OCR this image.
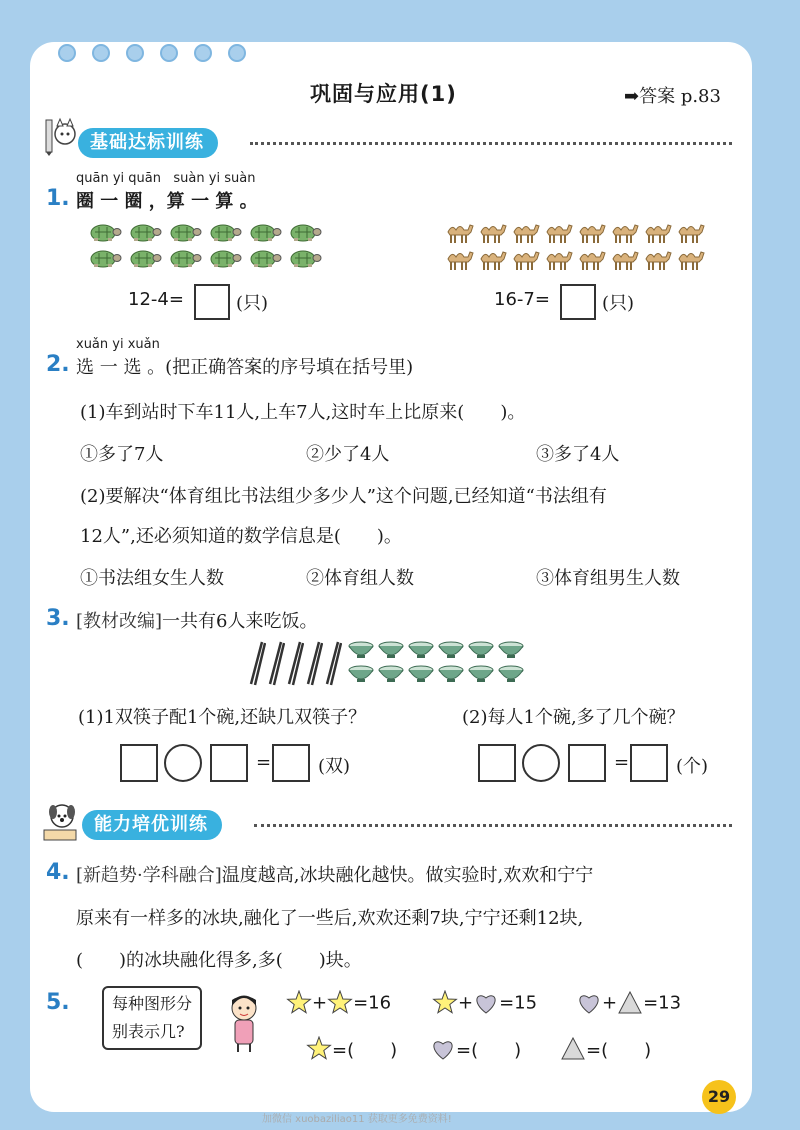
巩固与应用(1)	➡答案 p.83
基础达标训练
quān yi quān suàn yi suàn
1. 圈 一 圈 ，算 一 算 。
12-4=	(只)	16-7=	(只)
xuǎn yi xuǎn
2. 选 一 选 。(把正确答案的序号填在括号里)
(1)车到站时下车11人,上车7人,这时车上比原来(　　)。
①多了7人	②少了4人	③多了4人
(2)要解决“体育组比书法组少多少人”这个问题,已经知道“书法组有
12人”,还必须知道的数学信息是(　　)。
①书法组女生人数	②体育组人数	③体育组男生人数
3. [教材改编]一共有6人来吃饭。
(1)1双筷子配1个碗,还缺几双筷子？	(2)每人1个碗,多了几个碗？
=	(双)	=	(个)
能力培优训练
4. [新趋势·学科融合]温度越高,冰块融化越快。做实验时,欢欢和宁宁
原来有一样多的冰块,融化了一些后,欢欢还剩7块,宁宁还剩12块,
(　　)的冰块融化得多,多(　　)块。
5.	每种图形分
别表示几?
+ =16	+ =15	+ =13
=(　　)	=(　　)	=(　　)
29
加微信 xuobaziliao11 获取更多免费资料!
